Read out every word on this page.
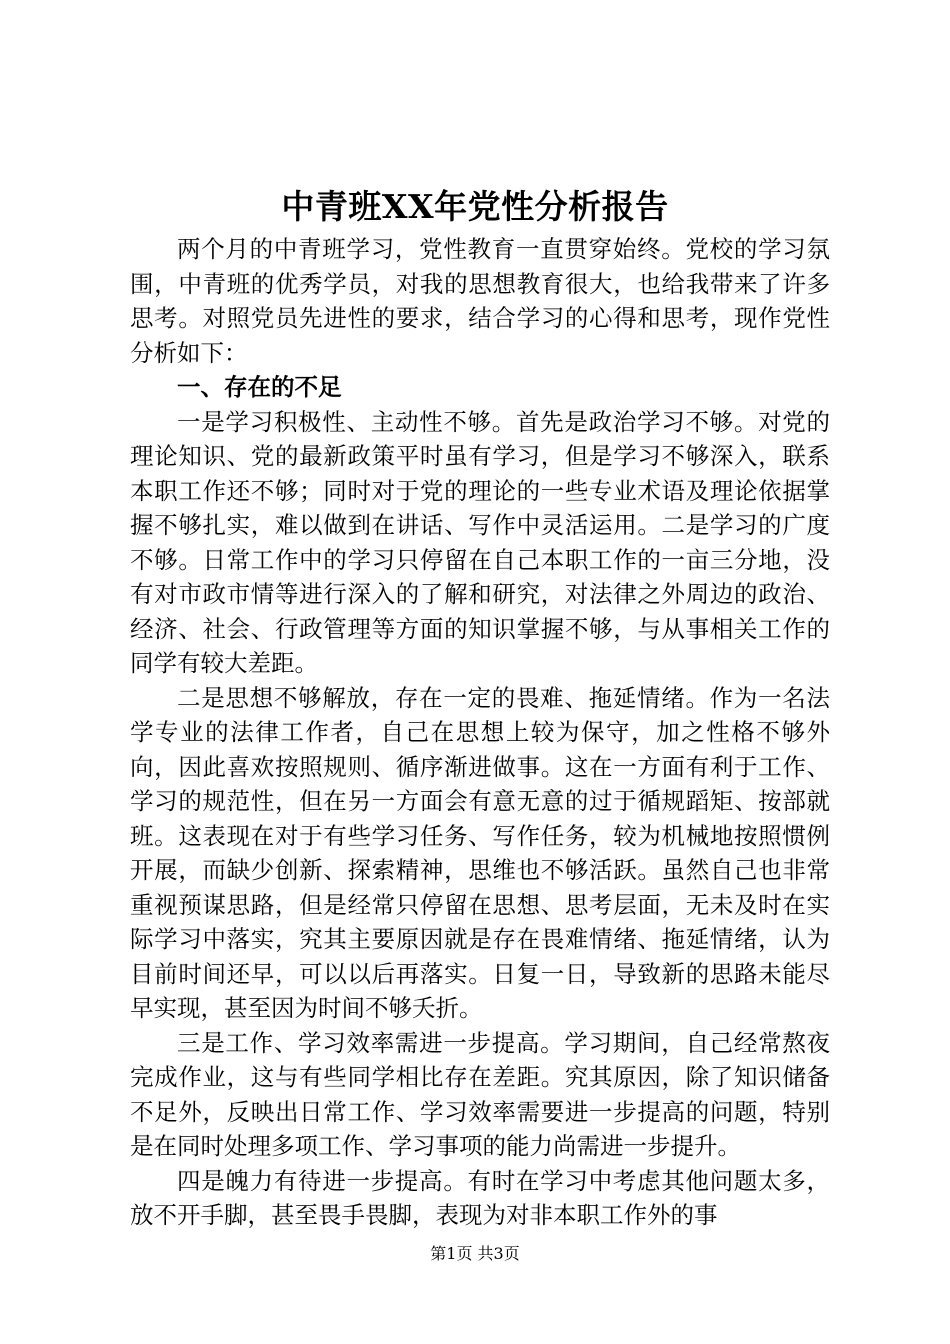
中青班XX年党性分析报告

两个月的中青班学习，党性教育一直贯穿始终。党校的学习氛围，中青班的优秀学员，对我的思想教育很大，也给我带来了许多思考。对照党员先进性的要求，结合学习的心得和思考，现作党性分析如下：

一、存在的不足

一是学习积极性、主动性不够。首先是政治学习不够。对党的理论知识、党的最新政策平时虽有学习，但是学习不够深入，联系本职工作还不够；同时对于党的理论的一些专业术语及理论依据掌握不够扎实，难以做到在讲话、写作中灵活运用。二是学习的广度不够。日常工作中的学习只停留在自己本职工作的一亩三分地，没有对市政市情等进行深入的了解和研究，对法律之外周边的政治、经济、社会、行政管理等方面的知识掌握不够，与从事相关工作的同学有较大差距。

二是思想不够解放，存在一定的畏难、拖延情绪。作为一名法学专业的法律工作者，自己在思想上较为保守，加之性格不够外向，因此喜欢按照规则、循序渐进做事。这在一方面有利于工作、学习的规范性，但在另一方面会有意无意的过于循规蹈矩、按部就班。这表现在对于有些学习任务、写作任务，较为机械地按照惯例开展，而缺少创新、探索精神，思维也不够活跃。虽然自己也非常重视预谋思路，但是经常只停留在思想、思考层面，无未及时在实际学习中落实，究其主要原因就是存在畏难情绪、拖延情绪，认为目前时间还早，可以以后再落实。日复一日，导致新的思路未能尽早实现，甚至因为时间不够夭折。

三是工作、学习效率需进一步提高。学习期间，自己经常熬夜完成作业，这与有些同学相比存在差距。究其原因，除了知识储备不足外，反映出日常工作、学习效率需要进一步提高的问题，特别是在同时处理多项工作、学习事项的能力尚需进一步提升。

四是魄力有待进一步提高。有时在学习中考虑其他问题太多，放不开手脚，甚至畏手畏脚，表现为对非本职工作外的事

第1页 共3页
